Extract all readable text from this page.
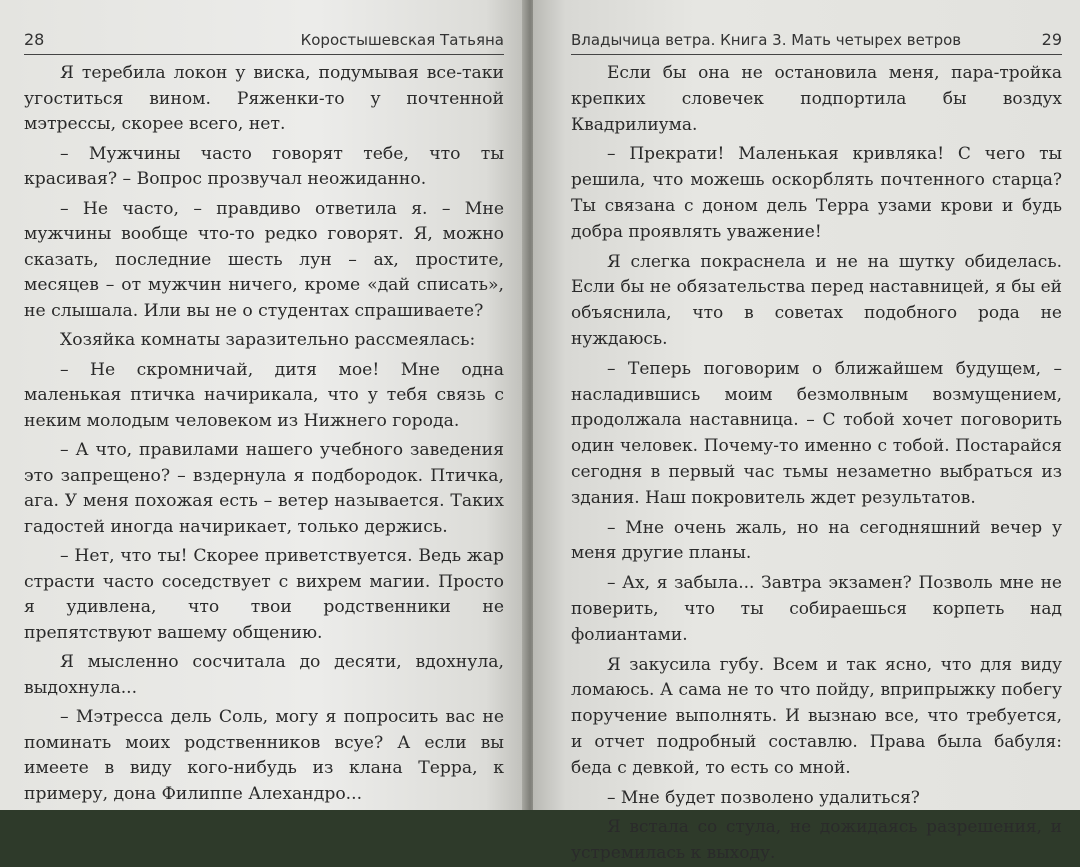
28	Коростышевская Татьяна

Я теребила локон у виска, подумывая все-таки угоститься вином. Ряженки-то у почтенной мэтрессы, скорее всего, нет.

– Мужчины часто говорят тебе, что ты красивая? – Вопрос прозвучал неожиданно.

– Не часто, – правдиво ответила я. – Мне мужчины вообще что-то редко говорят. Я, можно сказать, последние шесть лун – ах, простите, месяцев – от мужчин ничего, кроме «дай списать», не слышала. Или вы не о студентах спрашиваете?

Хозяйка комнаты заразительно рассмеялась:

– Не скромничай, дитя мое! Мне одна маленькая птичка начирикала, что у тебя связь с неким молодым человеком из Нижнего города.

– А что, правилами нашего учебного заведения это запрещено? – вздернула я подбородок. Птичка, ага. У меня похожая есть – ветер называется. Таких гадостей иногда начирикает, только держись.

– Нет, что ты! Скорее приветствуется. Ведь жар страсти часто соседствует с вихрем магии. Просто я удивлена, что твои родственники не препятствуют вашему общению.

Я мысленно сосчитала до десяти, вдохнула, выдохнула...

– Мэтресса дель Соль, могу я попросить вас не поминать моих родственников всуе? А если вы имеете в виду кого-нибудь из клана Терра, к примеру, дона Филиппе Алехандро...

Владычица ветра. Книга 3. Мать четырех ветров	29

Если бы она не остановила меня, пара-тройка крепких словечек подпортила бы воздух Квадрилиума.

– Прекрати! Маленькая кривляка! С чего ты решила, что можешь оскорблять почтенного старца? Ты связана с доном дель Терра узами крови и будь добра проявлять уважение!

Я слегка покраснела и не на шутку обиделась. Если бы не обязательства перед наставницей, я бы ей объяснила, что в советах подобного рода не нуждаюсь.

– Теперь поговорим о ближайшем будущем, – насладившись моим безмолвным возмущением, продолжала наставница. – С тобой хочет поговорить один человек. Почему-то именно с тобой. Постарайся сегодня в первый час тьмы незаметно выбраться из здания. Наш покровитель ждет результатов.

– Мне очень жаль, но на сегодняшний вечер у меня другие планы.

– Ах, я забыла... Завтра экзамен? Позволь мне не поверить, что ты собираешься корпеть над фолиантами.

Я закусила губу. Всем и так ясно, что для виду ломаюсь. А сама не то что пойду, вприпрыжку побегу поручение выполнять. И вызнаю все, что требуется, и отчет подробный составлю. Права была бабуля: беда с девкой, то есть со мной.

– Мне будет позволено удалиться?

Я встала со стула, не дожидаясь разрешения, и устремилась к выходу.
